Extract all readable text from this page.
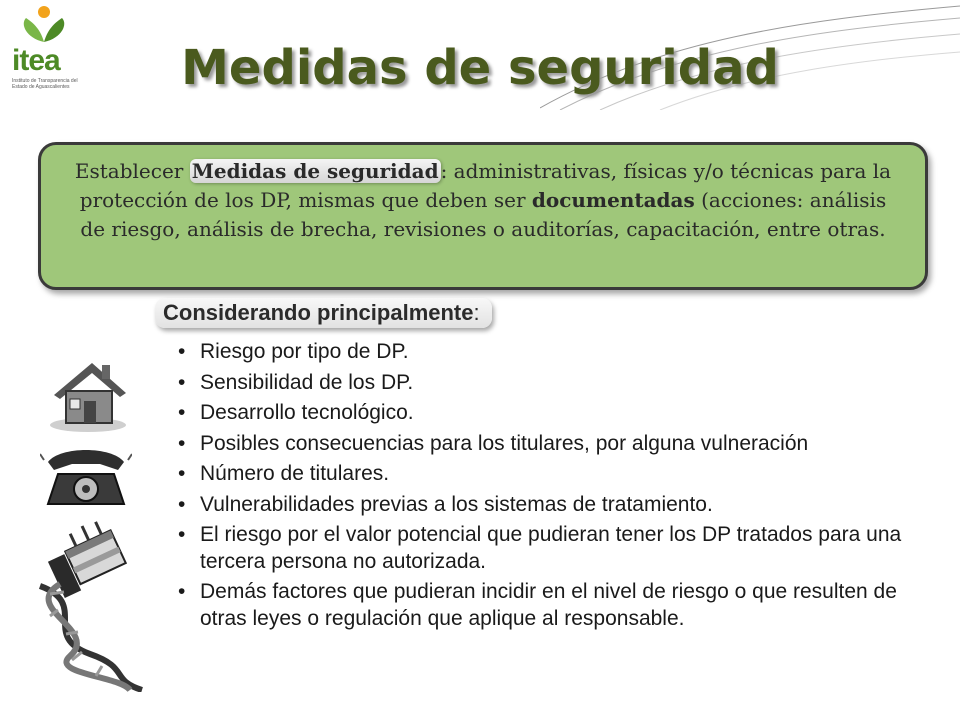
itea
Instituto de Transparencia del Estado de Aguascalientes	Medidas de seguridad
Establecer Medidas de seguridad : administrativas, físicas y/o técnicas para la protección de los DP, mismas que deben ser documentadas (acciones: análisis de riesgo, análisis de brecha, revisiones o auditorías, capacitación, entre otras.
Considerando principalmente:
• Riesgo por tipo de DP.
• Sensibilidad de los DP.
• Desarrollo tecnológico.
• Posibles consecuencias para los titulares, por alguna vulneración
• Número de titulares.
• Vulnerabilidades previas a los sistemas de tratamiento.
• El riesgo por el valor potencial que pudieran tener los DP tratados para una tercera persona no autorizada.
• Demás factores que pudieran incidir en el nivel de riesgo o que resulten de otras leyes o regulación que aplique al responsable.
